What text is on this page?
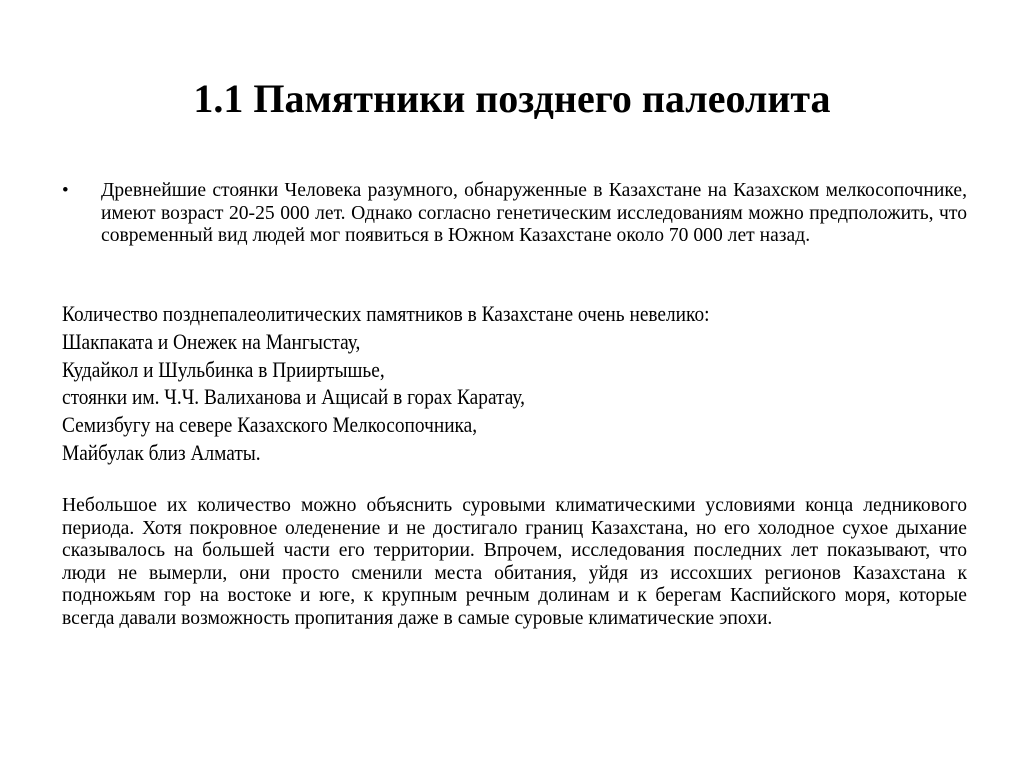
1.1 Памятники позднего палеолита
• Древнейшие стоянки Человека разумного, обнаруженные в Казахстане на Казахском мелкосопочнике, имеют возраст 20-25 000 лет. Однако согласно генетическим исследованиям можно предположить, что современный вид людей мог появиться в Южном Казахстане около 70 000 лет назад.
Количество позднепалеолитических памятников в Казахстане очень невелико:
Шакпаката и Онежек на Мангыстау,
Кудайкол и Шульбинка в Прииртышье,
стоянки им. Ч.Ч. Валиханова и Ащисай в горах Каратау,
Семизбугу на севере Казахского Мелкосопочника,
Майбулак близ Алматы.
Небольшое их количество можно объяснить суровыми климатическими условиями конца ледникового периода. Хотя покровное оледенение и не достигало границ Казахстана, но его холодное сухое дыхание сказывалось на большей части его территории. Впрочем, исследования последних лет показывают, что люди не вымерли, они просто сменили места обитания, уйдя из иссохших регионов Казахстана к подножьям гор на востоке и юге, к крупным речным долинам и к берегам Каспийского моря, которые всегда давали возможность пропитания даже в самые суровые климатические эпохи.
